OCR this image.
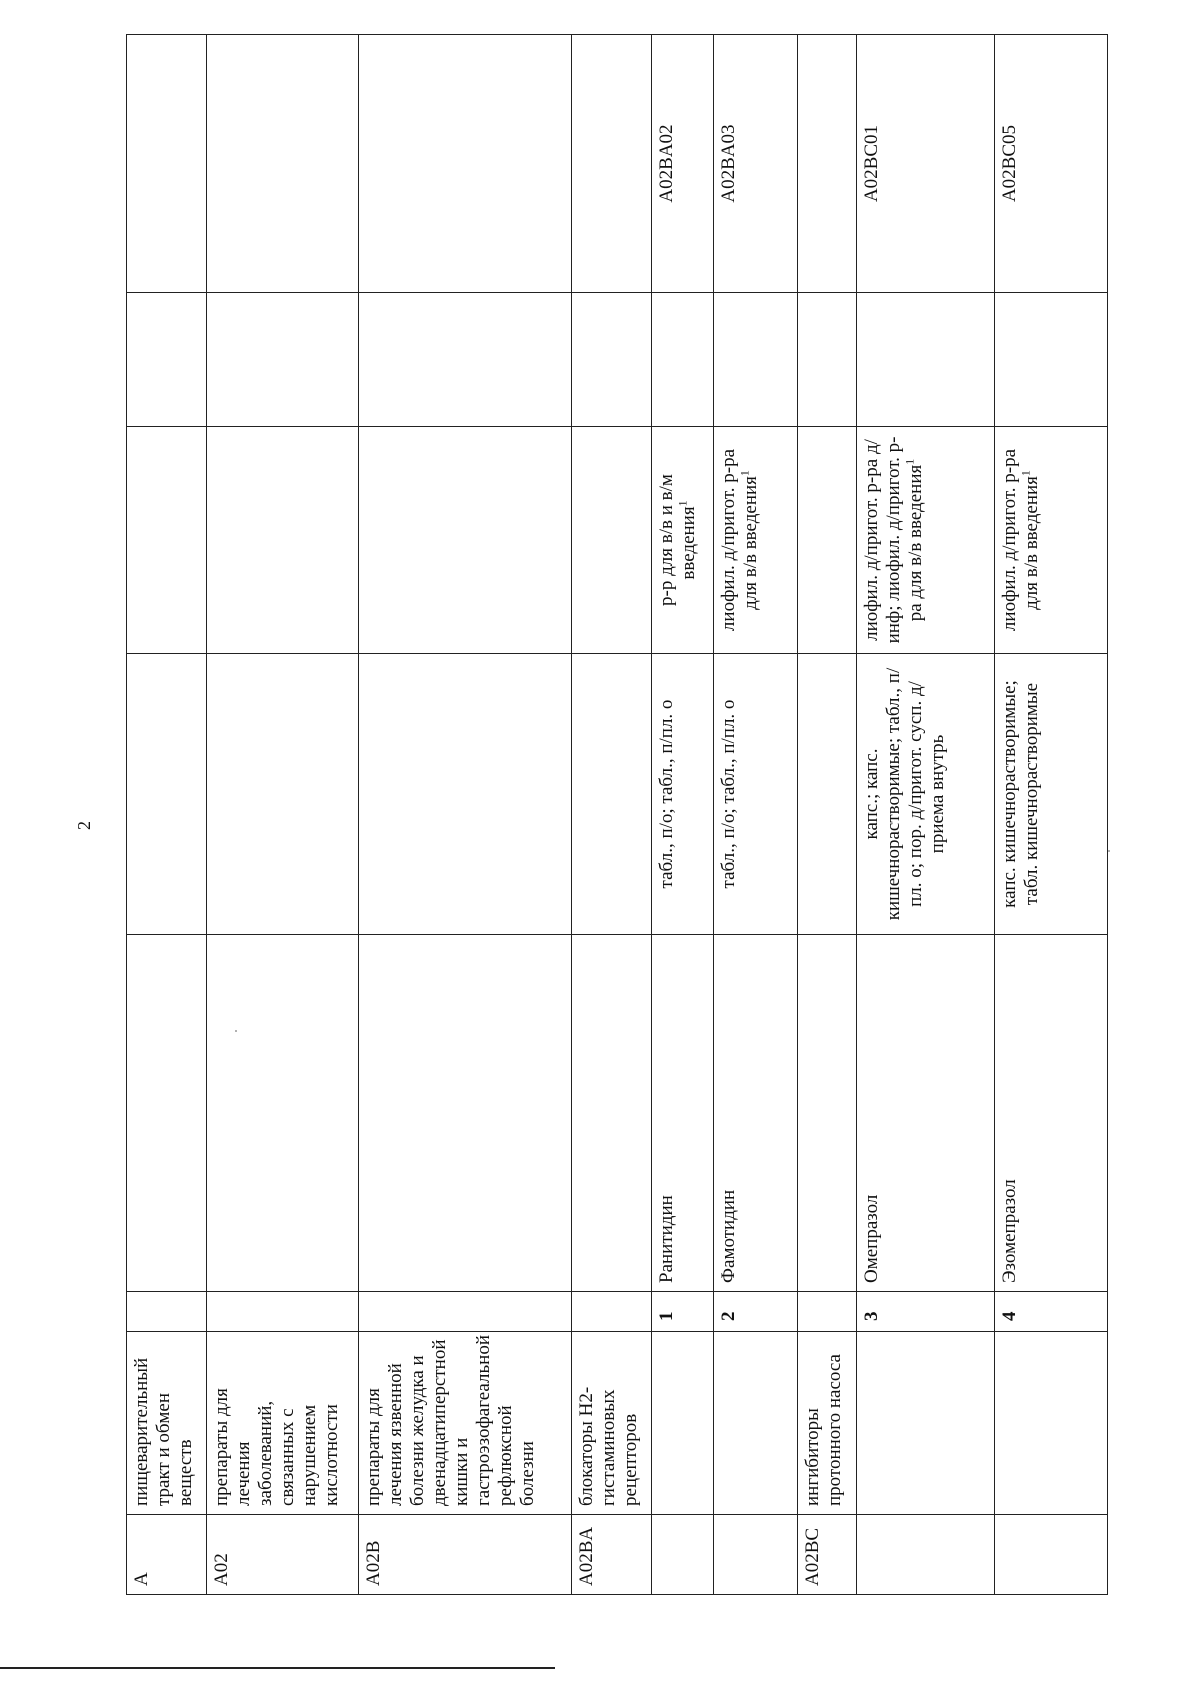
2
A	пищеварительный тракт и обмен веществ						
A02	препараты для лечения заболеваний, связанных с нарушением кислотности						
A02B	препараты для лечения язвенной болезни желудка и двенадцатиперстной кишки и гастроэзофагеальной рефлюксной болезни						
A02BA	блокаторы Н2-гистаминовых рецепторов						
		1	Ранитидин	табл., п/о; табл., п/пл. о	р-р для в/в и в/м введения$^1$		A02BA02
		2	Фамотидин	табл., п/о; табл., п/пл. о	лиофил. д/пригот. р-ра для в/в введения$^1$		A02BA03
A02BC	ингибиторы протонного насоса						
		3	Омепразол	капс.; капс. кишечнорастворимые; табл., п/пл. о; пор. д/пригот. сусп. д/приема внутрь	лиофил. д/пригот. р-ра д/инф; лиофил. д/пригот. р-ра для в/в введения$^1$		A02BC01
		4	Эзомепразол	капс. кишечнорастворимые; табл. кишечнорастворимые	лиофил. д/пригот. р-ра для в/в введения$^1$		A02BC05
